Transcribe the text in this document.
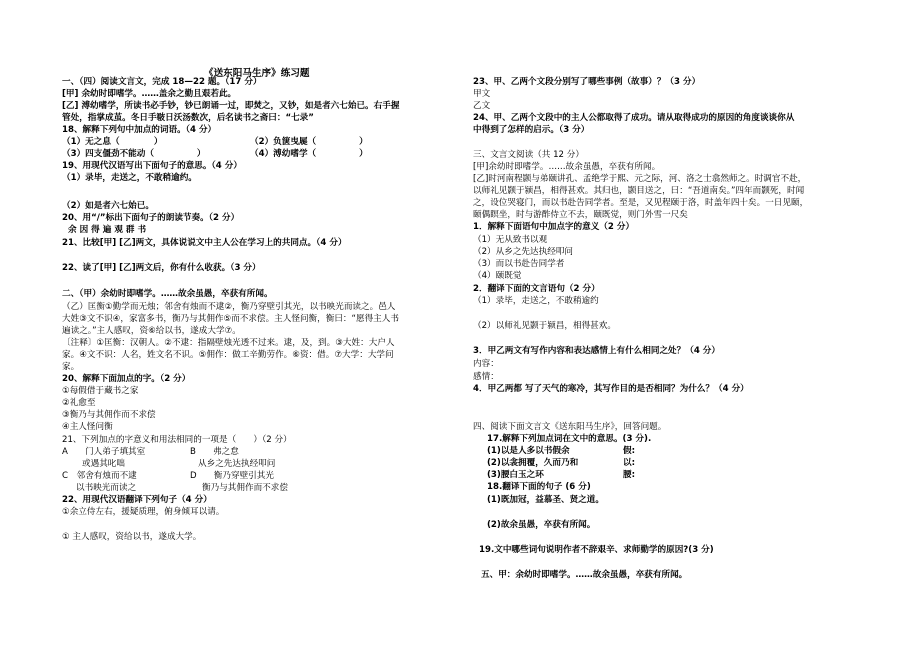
《送东阳马生序》练习题
一、（四）阅读文言文，完成 18—22 题。（17 分）
[甲] 余幼时即嗜学。……盖余之勤且艰若此。
[乙] 溥幼嗜学，所读书必手钞，钞已朗诵一过，即焚之，又钞，如是者六七始已。右手握
管处，指掌成茧。冬日手皲日沃汤数次，后名读书之斋曰：“七录”
18、解释下列句中加点的词语。（4 分）
（1）无之息（　　　　）	（2）负箧曳屣（　　　　　）
（3）四支僵劲不能动（　　　　　）	（4）溥幼嗜学（　　　　　）
19、用现代汉语写出下面句子的意思。（4 分）
（1）录毕，走送之，不敢稍逾约。
（2）如是者六七始已。
20、用“/”标出下面句子的朗读节奏。（2 分）
余 因 得 遍 观 群 书
21、比较[甲] [乙]两文，具体说说文中主人公在学习上的共同点。（4 分）
22、读了[甲] [乙]两文后，你有什么收获。（3 分）
二、（甲）余幼时即嗜学。……故余虽愚，卒获有所闻。
（乙）匡衡①勤学而无烛；邻舍有烛而不逮②，衡乃穿壁引其光，以书映光而读之。邑人
大姓③文不识④，家富多书，衡乃与其佣作⑤而不求偿。主人怪问衡，衡曰：“愿得主人书
遍读之。”主人感叹，资⑥给以书，遂成大学⑦。
〔注释〕①匡衡：汉朝人。②不逮：指隔壁烛光透不过来。逮，及，到。③大姓：大户人
家。④文不识：人名，姓文名不识。⑤佣作：做工辛勤劳作。⑥资：借。⑦大学：大学问
家。
20、解释下面加点的字。（2 分）
①每假借于藏书之家
②礼愈至
③衡乃与其佣作而不求偿
④主人怪问衡
21、下列加点的字意义和用法相同的一项是（　　）（2 分）
A　　门人弟子填其室	B　　弗之怠
或遇其叱咄	从乡之先达执经叩问
C　邻舍有烛而不逮	D　　衡乃穿壁引其光
以书映光而读之	衡乃与其佣作而不求偿
22、用现代汉语翻译下列句子（4 分）
①余立侍左右，援疑质理，俯身倾耳以请。
① 主人感叹，资给以书，遂成大学。
23、甲、乙两个文段分别写了哪些事例（故事）？（3 分）
甲文
乙文
24、甲、乙两个文段中的主人公都取得了成功。请从取得成功的原因的角度谈谈你从
中得到了怎样的启示。（3 分）
三、文言文阅读（共 12 分）
[甲]余幼时即嗜学。……故余虽愚，卒获有所闻。
[乙]时河南程颢与弟颐讲孔、孟绝学于熙、元之际，河、洛之士翕然师之。时调官不赴，
以师礼见颢于颍昌，相得甚欢。其归也，颢目送之，曰：“吾道南矣。”四年而颢死，时闻
之，设位哭寝门，而以书赴告同学者。至是，又见程颐于洛，时盖年四十矣。一日见颐，
颐偶瞑坐，时与游酢侍立不去，颐既觉，则门外雪一尺矣
1．解释下面语句中加点字的意义（2 分）
（1）无从致书以观
（2）从乡之先达执经叩问
（3）而以书赴告同学者
（4）颐既觉
2．翻译下面的文言语句（2 分）
（1）录毕，走送之，不敢稍逾约
（2）以师礼见颢于颍昌，相得甚欢。
3．甲乙两文有写作内容和表达感情上有什么相同之处？（4 分）
内容：
感情：
4．甲乙两都 写了天气的寒冷，其写作目的是否相同？为什么？（4 分）
四、阅读下面文言文《送东阳马生序》，回答问题。
17.解释下列加点词在文中的意思。(3 分).
(1)以是人多以书假余	假:
(2)以衾拥覆，久而乃和	以:
(3)腰白玉之环	腰:
18.翻译下面的句子 (6 分)
(1)既加冠，益慕圣、贤之道。
(2)故余虽愚，卒获有所闻。
19.文中哪些词句说明作者不辞艰辛、求师勤学的原因?(3 分)
五、甲：余幼时即嗜学。……故余虽愚，卒获有所闻。
